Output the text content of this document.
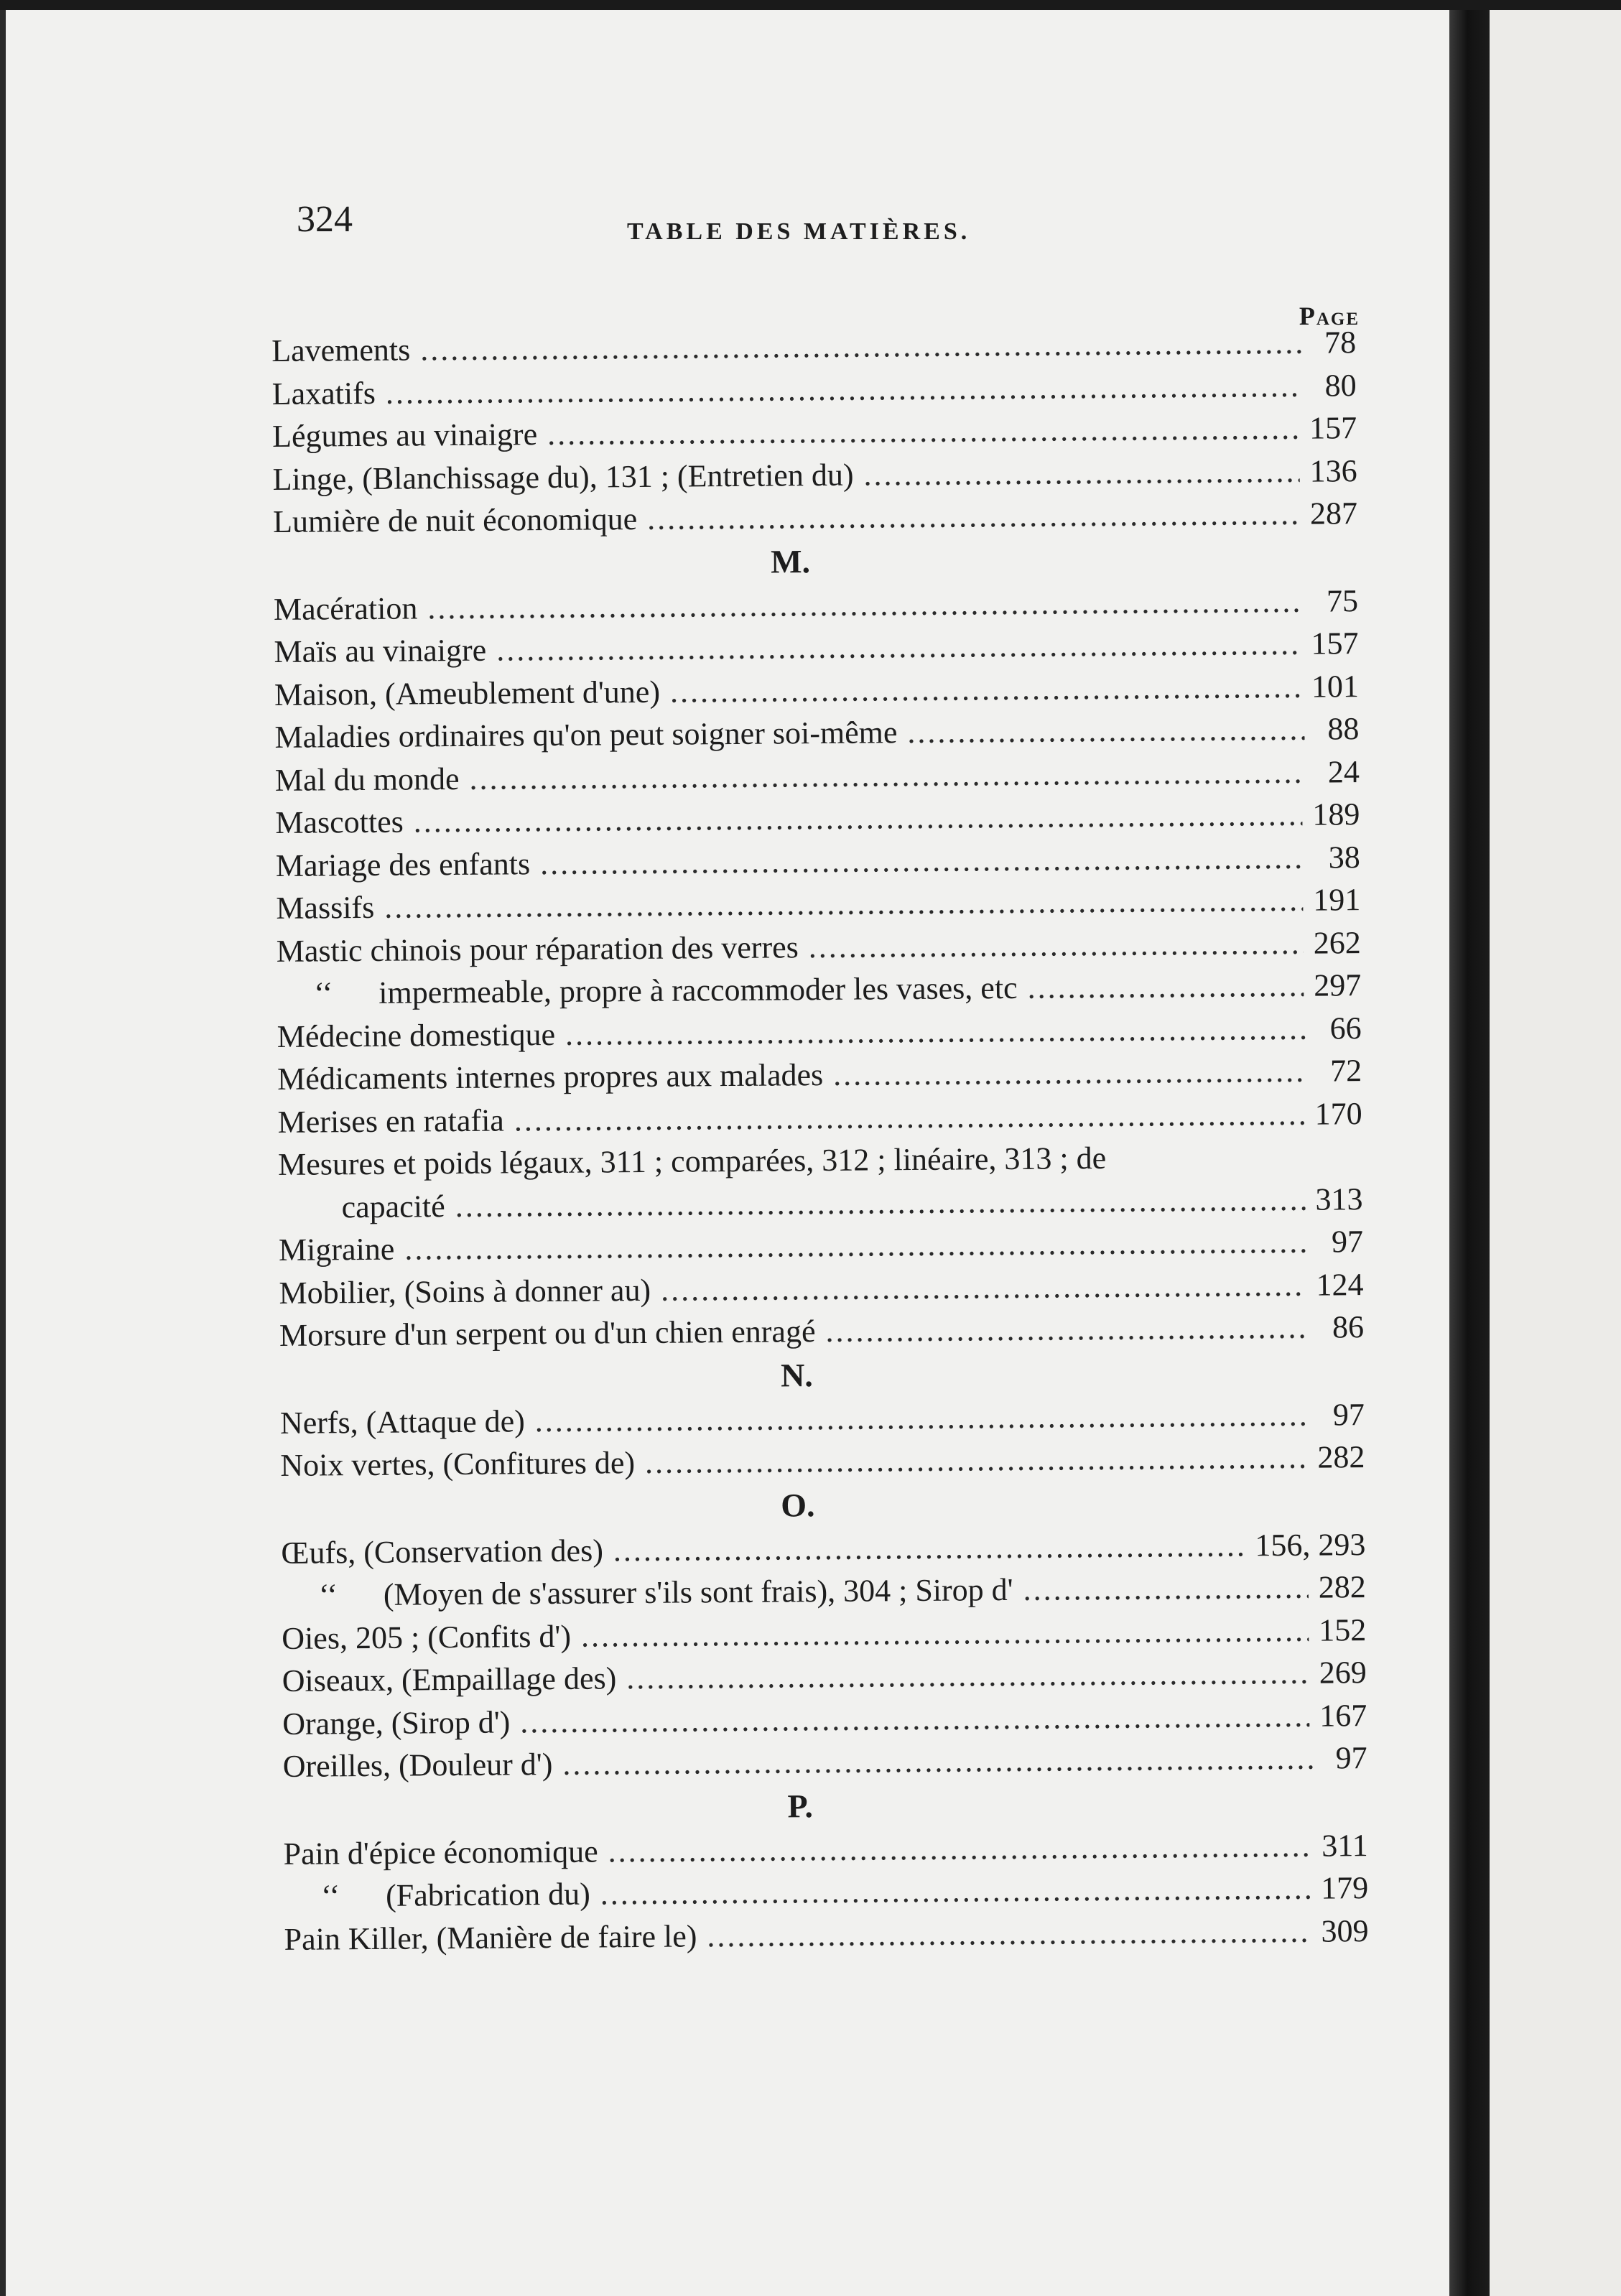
324	TABLE DES MATIÈRES.
Page
Lavements .....	78
Laxatifs .....	80
Légumes au vinaigre .....	157
Linge, (Blanchissage du), 131 ; (Entretien du) .....	136
Lumière de nuit économique .....	287
M.
Macération .....	75
Maïs au vinaigre .....	157
Maison, (Ameublement d'une) .....	101
Maladies ordinaires qu'on peut soigner soi-même .....	88
Mal du monde .....	24
Mascottes .....	189
Mariage des enfants .....	38
Massifs .....	191
Mastic chinois pour réparation des verres .....	262
‘‘ impermeable, propre à raccommoder les vases, etc .....	297
Médecine domestique .....	66
Médicaments internes propres aux malades .....	72
Merises en ratafia .....	170
Mesures et poids légaux, 311 ; comparées, 312 ; linéaire, 313 ; de
capacité .....	313
Migraine .....	97
Mobilier, (Soins à donner au) .....	124
Morsure d'un serpent ou d'un chien enragé .....	86
N.
Nerfs, (Attaque de) .....	97
Noix vertes, (Confitures de) .....	282
O.
Œufs, (Conservation des) .....	156, 293
‘‘ (Moyen de s'assurer s'ils sont frais), 304 ; Sirop d' .....	282
Oies, 205 ; (Confits d') .....	152
Oiseaux, (Empaillage des) .....	269
Orange, (Sirop d') .....	167
Oreilles, (Douleur d') .....	97
P.
Pain d'épice économique .....	311
‘‘ (Fabrication du) .....	179
Pain Killer, (Manière de faire le) .....	309
